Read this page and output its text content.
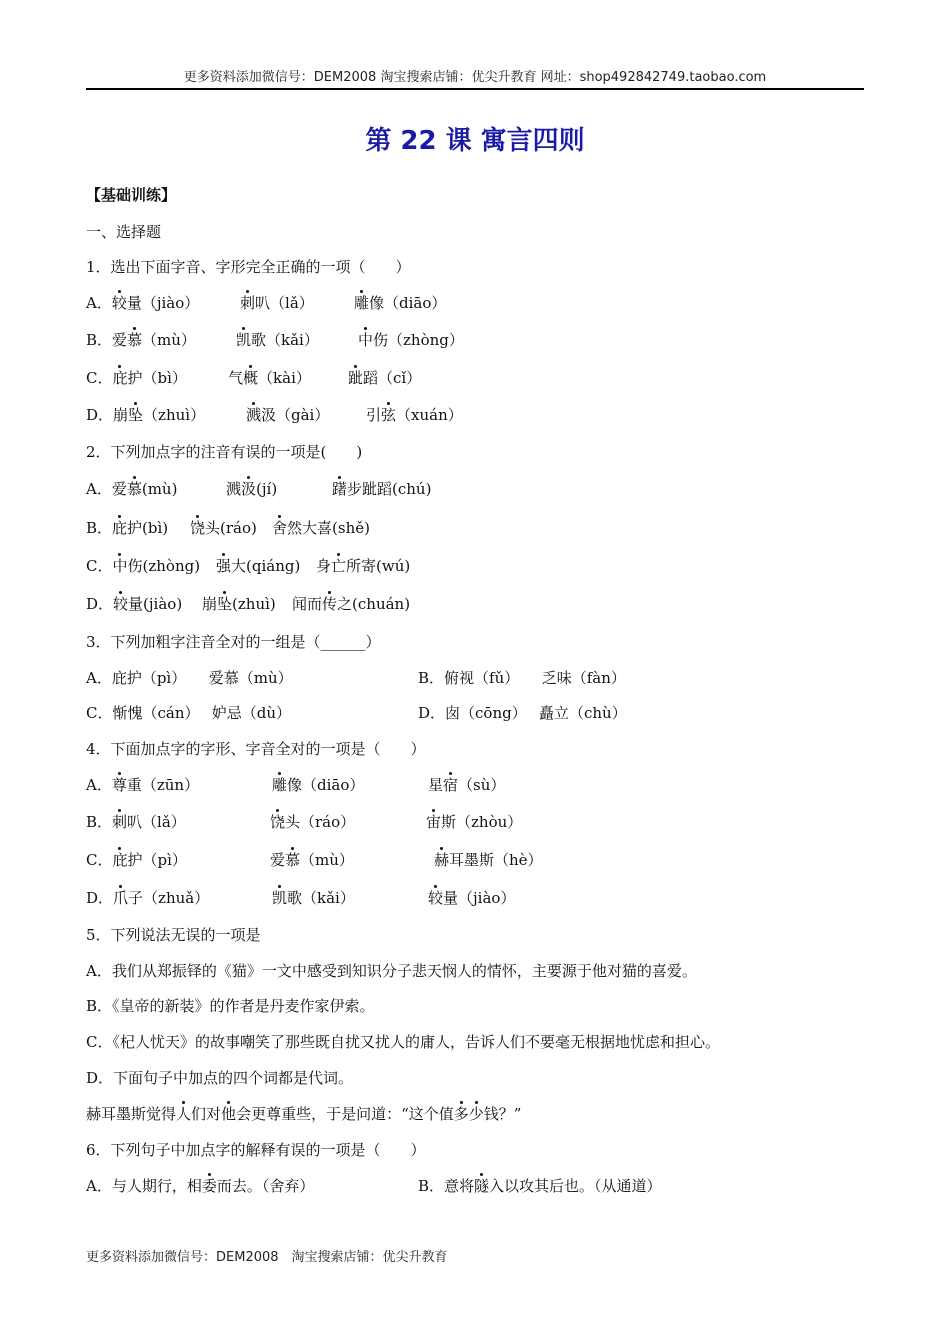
更多资料添加微信号：DEM2008 淘宝搜索店铺：优尖升教育 网址：shop492842749.taobao.com
第 22 课 寓言四则
【基础训练】
一、选择题
1．选出下面字音、字形完全正确的一项（　　）
A．较量（jiào）	刺叭（lǎ）	雕像（diāo）
B．爱慕（mù）	凯歌（kǎi）	中伤（zhòng）
C．庇护（bì）	气概（kài） 跐蹈（cǐ）
D．崩坠（zhuì）	溅汲（gài） 引弦（xuán）
2．下列加点字的注音有误的一项是(　　)
A．爱慕(mù)	溅汲(jí)	躇步跐蹈(chú)
B．庇护(bì) 饶头(ráo) 舍然大喜(shě)
C．中伤(zhòng) 强大(qiáng) 身亡所寄(wú)
D．较量(jiào) 崩坠(zhuì) 闻而传之(chuán)
3．下列加粗字注音全对的一组是（______）
A．庇护（pì）　　爱慕（mù）	B．俯视（fǔ）　　乏味（fàn）
C．惭愧（cán）　 妒忌（dù）	D．囱（cōng）　 矗立（chù）
4．下面加点字的字形、字音全对的一项是（　　）
A．尊重（zūn）	雕像（diāo）	星宿（sù）
B．刺叭（lǎ）	饶头（ráo）	宙斯（zhòu）
C．庇护（pì）	爱慕（mù）	赫耳墨斯（hè）
D．爪子（zhuǎ）	凯歌（kǎi）	较量（jiào）
5．下列说法无误的一项是
A．我们从郑振铎的《猫》一文中感受到知识分子悲天悯人的情怀，主要源于他对猫的喜爱。
B．《皇帝的新装》的作者是丹麦作家伊索。
C．《杞人忧天》的故事嘲笑了那些既自扰又扰人的庸人，告诉人们不要毫无根据地忧虑和担心。
D．下面句子中加点的四个词都是代词。
赫耳墨斯觉得人们对他会更尊重些，于是问道：“这个值多少钱？”
6．下列句子中加点字的解释有误的一项是（　　）
A．与人期行，相委而去。（舍弃）	B．意将隧入以攻其后也。（从通道）
更多资料添加微信号：DEM2008　淘宝搜索店铺：优尖升教育
